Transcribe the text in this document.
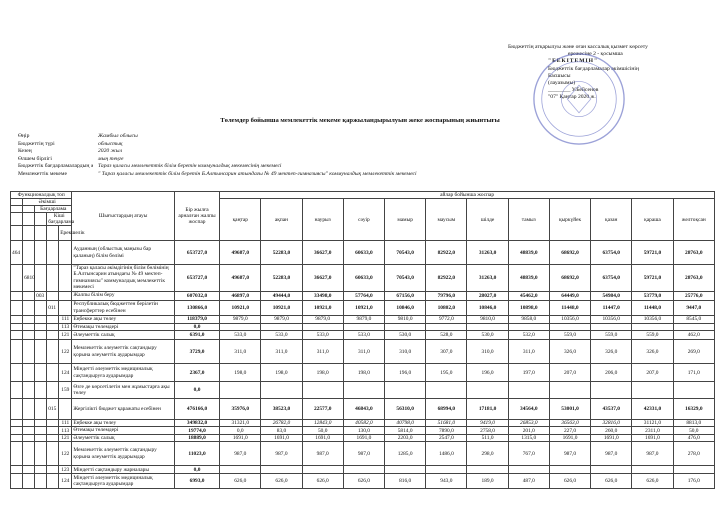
Бюджеттің атқарылуы және оған кассалық қызмет көрсету
ережесіне 2 - қосымша
"БЕКІТЕМІН"
Бюджеттік бағдарламалар әкімшісінің
Басшысы
(лауазымы)
________ У.Бейсенов
"07" Қаңтар 2020 ж.
Төлемдер бойынша мемлекеттік мекеме қаржыландырылуын жеке жоспарының жиынтығы
Өңір	Жамбыл облысы
Бюджеттің түрі	облыстық
Кезең	2020 жыл
Өлшем бірлігі	мың теңге
Бюджеттік бағдарламалардың ә Тараз қаласы мемлекеттік білім беретін коммуналдық мекемесінің мекемесі
Мемлекеттік мекеме	" Тараз қаласы мемлекеттік білім беретін Б.Алтынсарин атындағы № 49 мектеп-гимназиясы" коммуналдық мемлекеттік мекемесі
Функционалдық топ					Шығыстардың атауы	Бір жылға арналған жалпы жоспар	айлар бойынша жоспар											
	Әкімші						қаңтар	ақпан	наурыз	сәуір	мамыр	маусым	шілде	тамыз	қыркүйек	қазан	қараша	желтоқсан
		Бағдарлама																
			Кіші бағдарлама															
				Ерекшелік														
464					Ауданның (облыстық маңызы бар қаланың) білім бөлімі	653727,0	49687,0	52283,0	36627,0	60633,0	70543,0	82922,0	31263,0	48839,0	68692,0	63754,0	59721,0	28763,0
	6810				"Тараз қаласы әкімдігінің білім бөлімінің Б.Алтынсарин атындағы № 49 мектеп-гимназиясы" коммуналдық мемлекеттік мекемесі	653727,0	49687,0	52283,0	36627,0	60633,0	70543,0	82922,0	31263,0	48839,0	68692,0	63754,0	59721,0	28763,0
		003			Жалпы білім беру	607032,0	46897,0	49444,0	33498,0	57764,0	67156,0	79796,0	28027,0	45462,0	64449,0	54984,0	53779,0	25776,0
			011		Республикалық бюджеттен берілетін трансферттер есебінен	130866,0	10921,0	10921,0	10921,0	10921,0	10846,0	10802,0	10846,0	10898,0	11448,0	11447,0	11448,0	9447,0
				111	Еңбекке ақы төлеу	118379,0	9879,0	9879,0	9879,0	9879,0	9810,0	9772,0	9810,0	9858,0	10356,0	10356,0	10356,0	8545,0
				113	Өтемақы төлемдері	0,0												
				121	Әлеуметтік салық	6391,0	533,0	533,0	533,0	533,0	530,0	528,0	530,0	532,0	559,0	559,0	559,0	462,0
				122	Мемлекеттік әлеуметтік сақтандыру қорына әлеуметтік аударымдар	3729,0	311,0	311,0	311,0	311,0	310,0	307,0	310,0	311,0	326,0	326,0	326,0	269,0
				124	Міндетті әлеуметтік медициналық сақтандыруға аударымдар	2367,0	198,0	198,0	198,0	198,0	196,0	195,0	196,0	197,0	207,0	206,0	207,0	171,0
				159	Өзге де көрсетілетін мен жұмыстарға ақы төлеу	0,0												
			015		Жергілікті бюджет қаражаты есебінен	476166,0	35976,0	38523,0	22577,0	46843,0	56310,0	68994,0	17181,0	34564,0	53001,0	43537,0	42331,0	16329,0
				111	Еңбекке ақы төлеу	349832,0	31321,0	26782,0	12843,0	40582,0	40798,0	51681,0	9419,0	26853,0	36563,0	32816,0	31121,0	8813,0
				113	Өтемақы төлемдері	19774,0	0,0	83,0	50,0	130,0	5814,0	7890,0	2758,0	201,0	227,0	260,0	2311,0	50,0
				121	Әлеуметтік салық	18889,0	1691,0	1691,0	1691,0	1691,0	2203,0	2547,0	511,0	1315,0	1691,0	1691,0	1691,0	476,0
				122	Мемлекеттік әлеуметтік сақтандыру қорына әлеуметтік аударымдар	11023,0	987,0	987,0	987,0	987,0	1285,0	1486,0	298,0	767,0	987,0	987,0	987,0	278,0
				123	Міндетті сақтандыру жарналары	0,0												
				124	Міндетті әлеуметтік медициналық сақтандыруға аударымдар	6993,0	626,0	626,0	626,0	626,0	816,0	943,0	189,0	487,0	626,0	626,0	626,0	176,0
